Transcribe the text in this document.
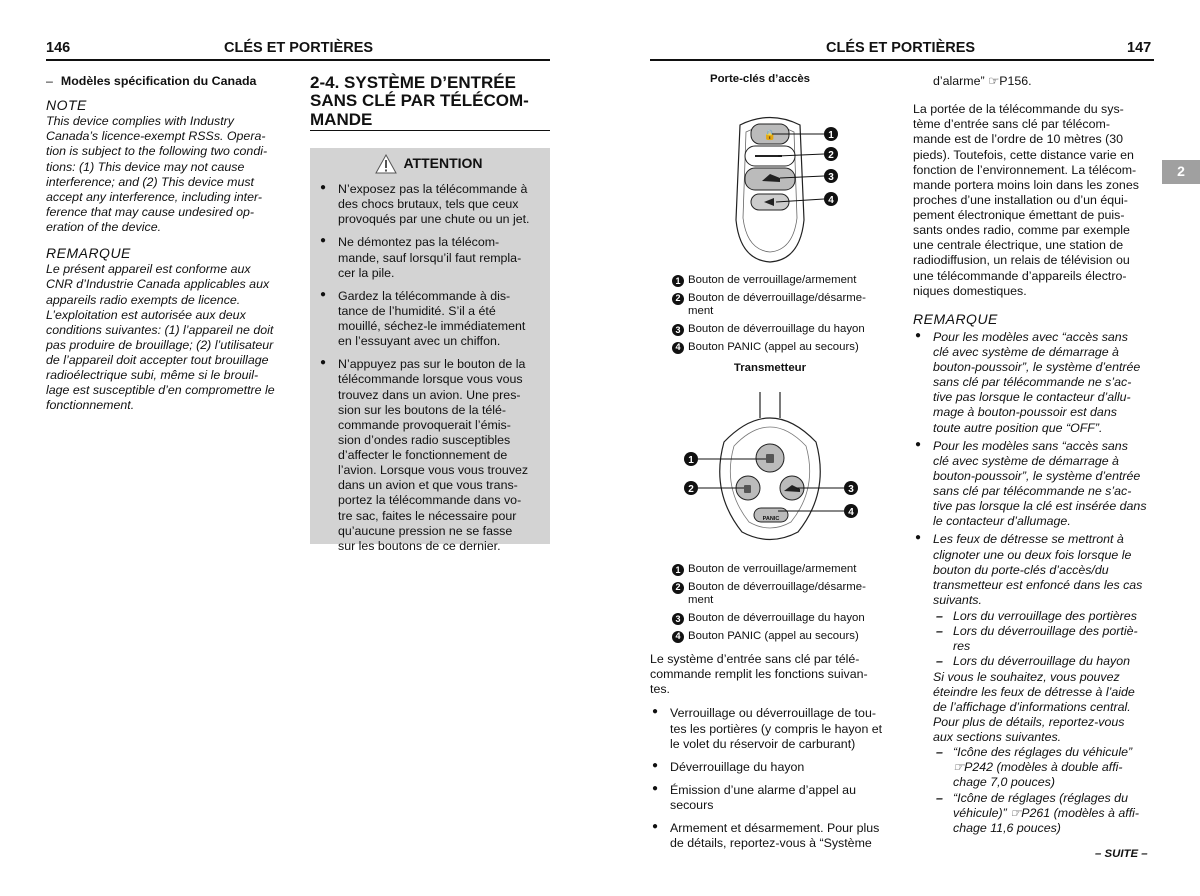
146	CLÉS ET PORTIÈRES
– Modèles spécification du Canada
NOTE
This device complies with Industry
Canada’s licence-exempt RSSs. Opera-
tion is subject to the following two condi-
tions: (1) This device may not cause
interference; and (2) This device must
accept any interference, including inter-
ference that may cause undesired op-
eration of the device.
REMARQUE
Le présent appareil est conforme aux
CNR d’Industrie Canada applicables aux
appareils radio exempts de licence.
L’exploitation est autorisée aux deux
conditions suivantes: (1) l’appareil ne doit
pas produire de brouillage; (2) l’utilisateur
de l’appareil doit accepter tout brouillage
radioélectrique subi, même si le brouil-
lage est susceptible d’en compromettre le
fonctionnement.
2-4. SYSTÈME D’ENTRÉE
SANS CLÉ PAR TÉLÉCOM-
MANDE
ATTENTION
● N’exposez pas la télécommande à
des chocs brutaux, tels que ceux
provoqués par une chute ou un jet.
● Ne démontez pas la télécom-
mande, sauf lorsqu’il faut rempla-
cer la pile.
● Gardez la télécommande à dis-
tance de l’humidité. S’il a été
mouillé, séchez-le immédiatement
en l’essuyant avec un chiffon.
● N’appuyez pas sur le bouton de la
télécommande lorsque vous vous
trouvez dans un avion. Une pres-
sion sur les boutons de la télé-
commande provoquerait l’émis-
sion d’ondes radio susceptibles
d’affecter le fonctionnement de
l’avion. Lorsque vous vous trouvez
dans un avion et que vous trans-
portez la télécommande dans vo-
tre sac, faites le nécessaire pour
qu’aucune pression ne se fasse
sur les boutons de ce dernier.
CLÉS ET PORTIÈRES	147
2
Porte-clés d’accès
🔒	1
2
3
4
1 Bouton de verrouillage/armement
2 Bouton de déverrouillage/désarme-
ment
3 Bouton de déverrouillage du hayon
4 Bouton PANIC (appel au secours)
Transmetteur
PANIC
1
2	3
4
1 Bouton de verrouillage/armement
2 Bouton de déverrouillage/désarme-
ment
3 Bouton de déverrouillage du hayon
4 Bouton PANIC (appel au secours)
Le système d’entrée sans clé par télé-
commande remplit les fonctions suivan-
tes.
● Verrouillage ou déverrouillage de tou-
tes les portières (y compris le hayon et
le volet du réservoir de carburant)
● Déverrouillage du hayon
● Émission d’une alarme d’appel au
secours
● Armement et désarmement. Pour plus
de détails, reportez-vous à “Système
d’alarme” ☞P156.
La portée de la télécommande du sys-
tème d’entrée sans clé par télécom-
mande est de l’ordre de 10 mètres (30
pieds). Toutefois, cette distance varie en
fonction de l’environnement. La télécom-
mande portera moins loin dans les zones
proches d’une installation ou d’un équi-
pement électronique émettant de puis-
sants ondes radio, comme par exemple
une centrale électrique, une station de
radiodiffusion, un relais de télévision ou
une télécommande d’appareils électro-
niques domestiques.
REMARQUE
● Pour les modèles avec “accès sans
clé avec système de démarrage à
bouton-poussoir”, le système d’entrée
sans clé par télécommande ne s’ac-
tive pas lorsque le contacteur d’allu-
mage à bouton-poussoir est dans
toute autre position que “OFF”.
● Pour les modèles sans “accès sans
clé avec système de démarrage à
bouton-poussoir”, le système d’entrée
sans clé par télécommande ne s’ac-
tive pas lorsque la clé est insérée dans
le contacteur d’allumage.
● Les feux de détresse se mettront à
clignoter une ou deux fois lorsque le
bouton du porte-clés d’accès/du
transmetteur est enfoncé dans les cas
suivants.
– Lors du verrouillage des portières
– Lors du déverrouillage des portiè-
res
– Lors du déverrouillage du hayon
Si vous le souhaitez, vous pouvez
éteindre les feux de détresse à l’aide
de l’affichage d’informations central.
Pour plus de détails, reportez-vous
aux sections suivantes.
– “Icône des réglages du véhicule”
☞P242 (modèles à double affi-
chage 7,0 pouces)
– “Icône de réglages (réglages du
véhicule)” ☞P261 (modèles à affi-
chage 11,6 pouces)
– SUITE –
